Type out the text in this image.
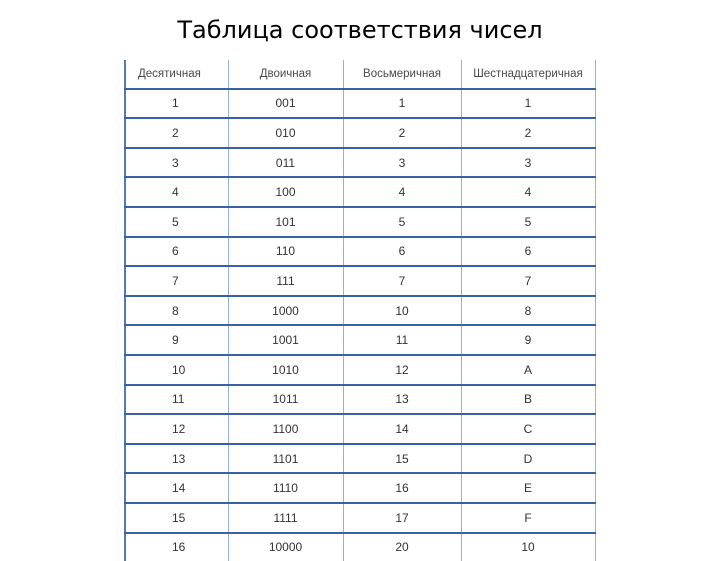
Таблица соответствия чисел
Десятичная	Двоичная	Восьмеричная	Шестнадцатеричная
1	001	1	1
2	010	2	2
3	011	3	3
4	100	4	4
5	101	5	5
6	110	6	6
7	111	7	7
8	1000	10	8
9	1001	11	9
10	1010	12	A
11	1011	13	B
12	1100	14	C
13	1101	15	D
14	1110	16	E
15	1111	17	F
16	10000	20	10
